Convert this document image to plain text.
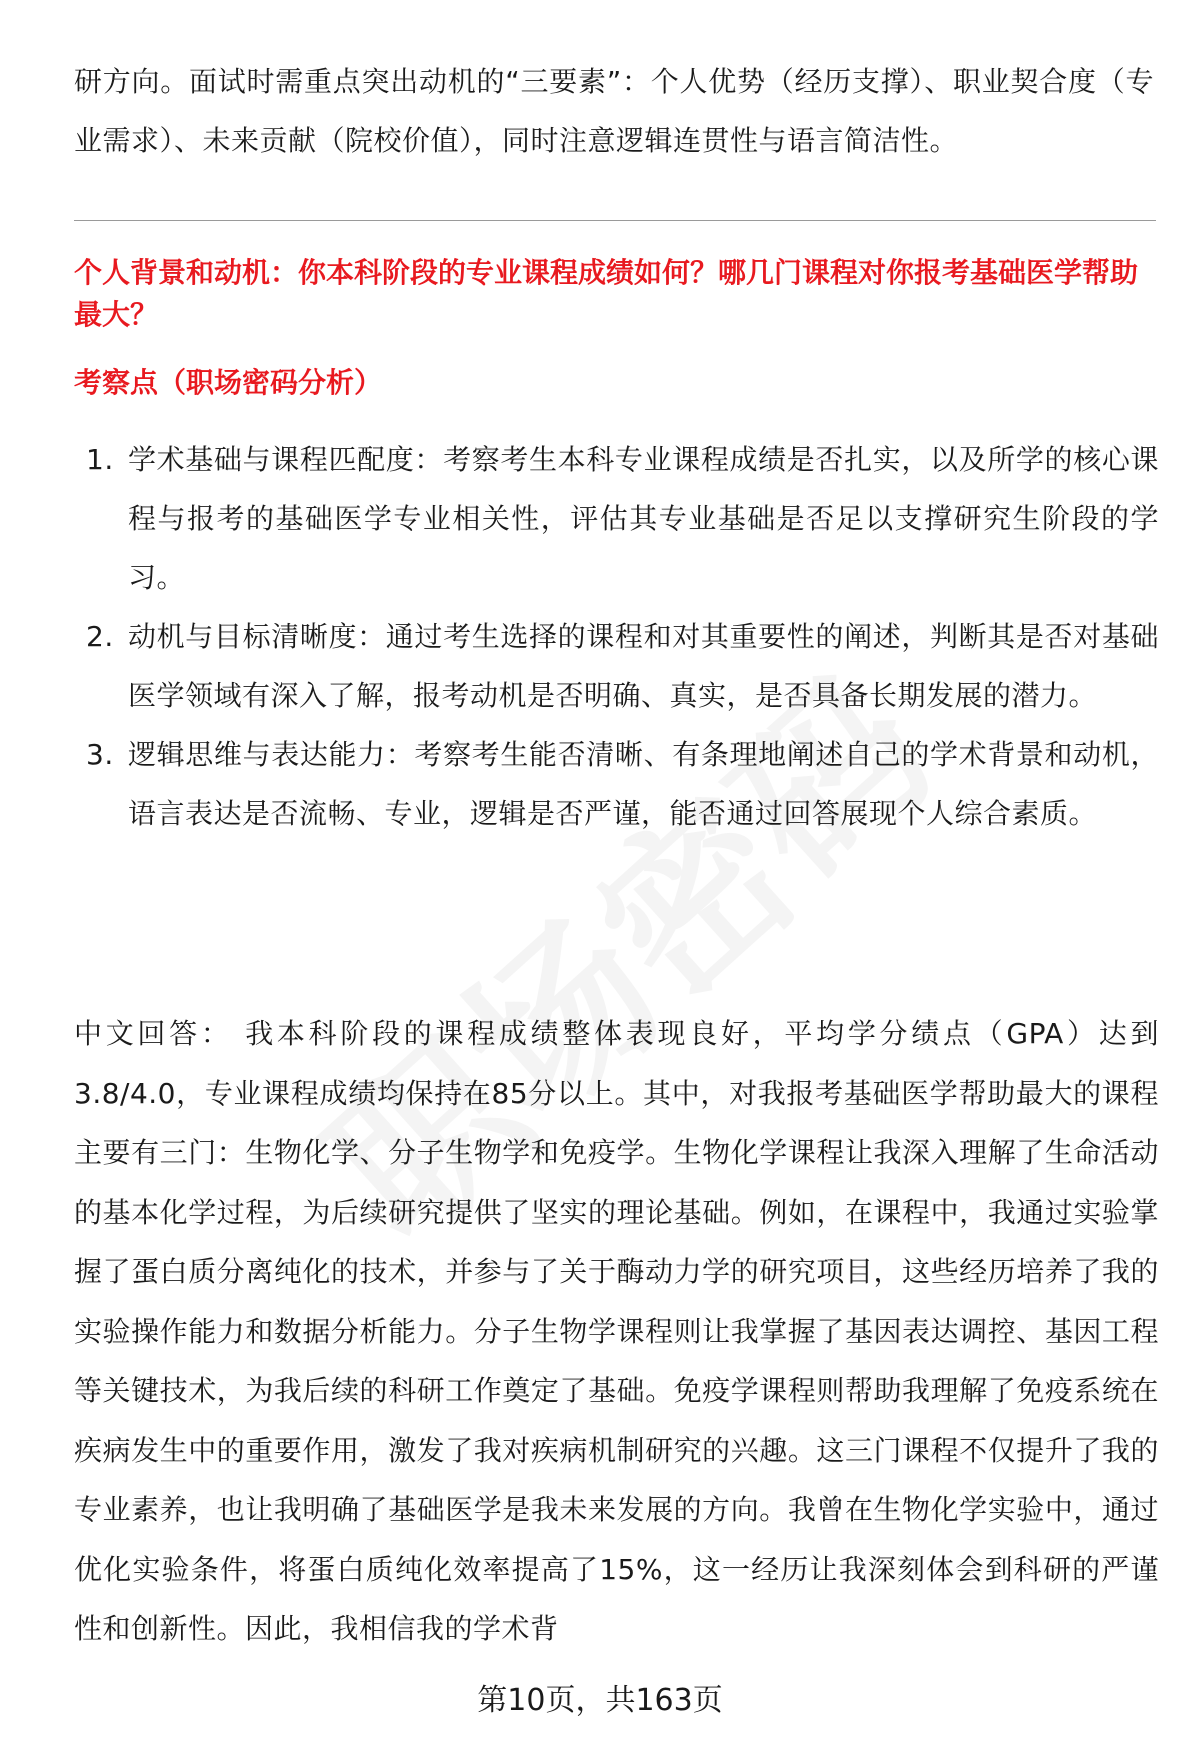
研方向。面试时需重点突出动机的“三要素”：个人优势（经历支撑）、职业契合度（专业需求）、未来贡献（院校价值），同时注意逻辑连贯性与语言简洁性。
个人背景和动机：你本科阶段的专业课程成绩如何？哪几门课程对你报考基础医学帮助最大？
考察点（职场密码分析）
1. 学术基础与课程匹配度：考察考生本科专业课程成绩是否扎实，以及所学的核心课程与报考的基础医学专业相关性，评估其专业基础是否足以支撑研究生阶段的学习。
2. 动机与目标清晰度：通过考生选择的课程和对其重要性的阐述，判断其是否对基础医学领域有深入了解，报考动机是否明确、真实，是否具备长期发展的潜力。
3. 逻辑思维与表达能力：考察考生能否清晰、有条理地阐述自己的学术背景和动机，语言表达是否流畅、专业，逻辑是否严谨，能否通过回答展现个人综合素质。
中文回答： 我本科阶段的课程成绩整体表现良好，平均学分绩点（GPA）达到3.8/4.0，专业课程成绩均保持在85分以上。其中，对我报考基础医学帮助最大的课程主要有三门：生物化学、分子生物学和免疫学。生物化学课程让我深入理解了生命活动的基本化学过程，为后续研究提供了坚实的理论基础。例如，在课程中，我通过实验掌握了蛋白质分离纯化的技术，并参与了关于酶动力学的研究项目，这些经历培养了我的实验操作能力和数据分析能力。分子生物学课程则让我掌握了基因表达调控、基因工程等关键技术，为我后续的科研工作奠定了基础。免疫学课程则帮助我理解了免疫系统在疾病发生中的重要作用，激发了我对疾病机制研究的兴趣。这三门课程不仅提升了我的专业素养，也让我明确了基础医学是我未来发展的方向。我曾在生物化学实验中，通过优化实验条件，将蛋白质纯化效率提高了15%，这一经历让我深刻体会到科研的严谨性和创新性。因此，我相信我的学术背
第10页，共163页
